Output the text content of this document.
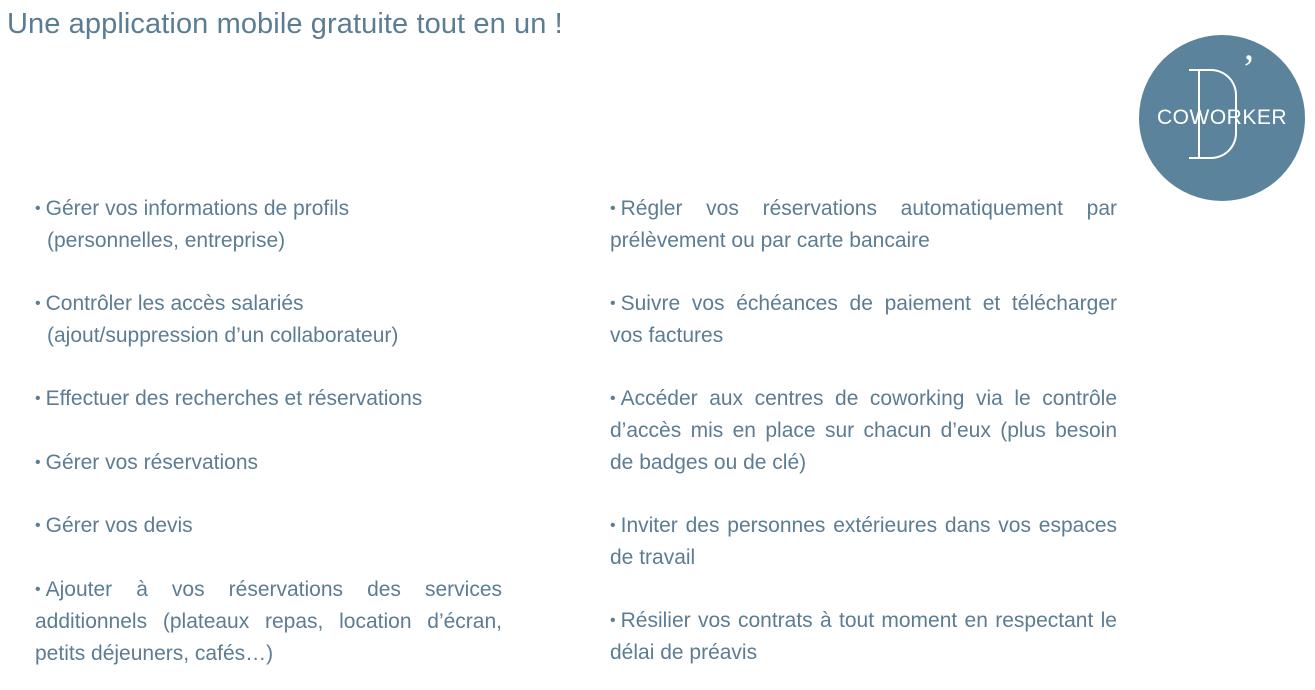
Une application mobile gratuite tout en un !
’
COWORKER
• Gérer vos informations de profils
(personnelles, entreprise)
• Contrôler les accès salariés
(ajout/suppression d’un collaborateur)
• Effectuer des recherches et réservations
• Gérer vos réservations
• Gérer vos devis
• Ajouter à vos réservations des services additionnels (plateaux repas, location d’écran, petits déjeuners, cafés…)
• Régler vos réservations automatiquement par prélèvement ou par carte bancaire
• Suivre vos échéances de paiement et télécharger vos factures
• Accéder aux centres de coworking via le contrôle d’accès mis en place sur chacun d’eux (plus besoin de badges ou de clé)
• Inviter des personnes extérieures dans vos espaces de travail
• Résilier vos contrats à tout moment en respectant le délai de préavis
